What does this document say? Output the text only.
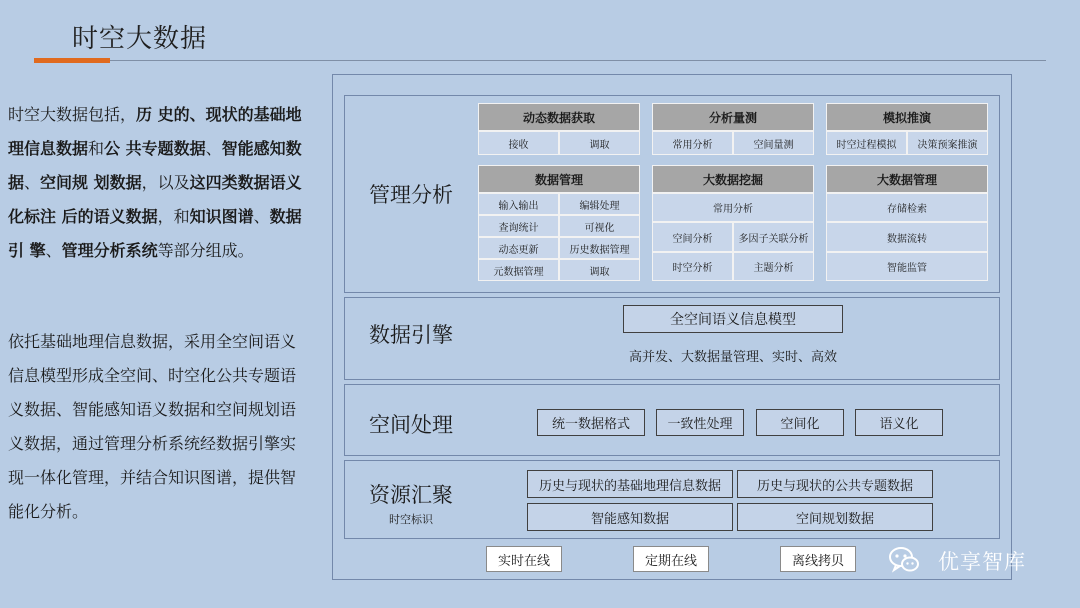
时空大数据
时空大数据包括，历 史的、现状的基础地理信息数据和公 共专题数据、智能感知数据、空间规 划数据，以及这四类数据语义化标注 后的语义数据，和知识图谱、数据引 擎、管理分析系统等部分组成。
依托基础地理信息数据，采用全空间语义信息模型形成全空间、时空化公共专题语义数据、智能感知语义数据和空间规划语义数据，通过管理分析系统经数据引擎实现一体化管理，并结合知识图谱，提供智能化分析。
管理分析
动态数据获取
接收	调取
分析量测
常用分析	空间量测
模拟推演
时空过程模拟	决策预案推演
数据管理
输入输出	编辑处理
查询统计	可视化
动态更新	历史数据管理
元数据管理	调取
大数据挖掘
常用分析
空间分析	多因子关联分析
时空分析	主题分析
大数据管理
存储检索
数据流转
智能监管
数据引擎
全空间语义信息模型
高并发、大数据量管理、实时、高效
空间处理	统一数据格式	一致性处理	空间化	语义化
资源汇聚
时空标识
历史与现状的基础地理信息数据	历史与现状的公共专题数据
智能感知数据	空间规划数据
实时在线	定期在线	离线拷贝	优享智库
